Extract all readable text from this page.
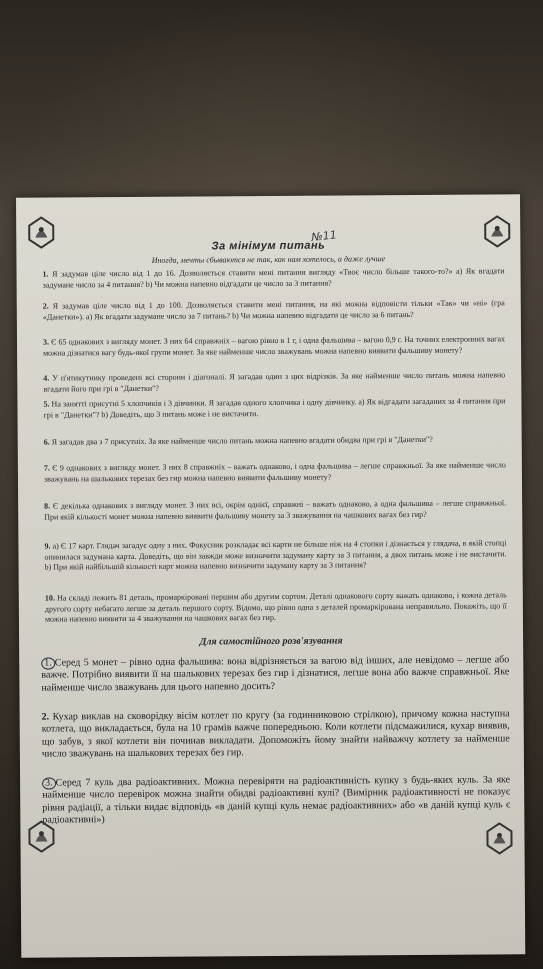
За мінімум питань
№11
Иногда, мечты сбываются не так, как нам хотелось, а даже лучше
1. Я задумав ціле число від 1 до 16. Дозволяється ставити мені питання вигляду «Твоє число більше такого-то?» а) Як вгадати задумане число за 4 питання? b) Чи можна напевно відгадати це число за 3 питання?
2. Я задумав ціле число від 1 до 100. Дозволяється ставити мені питання, на які можна відповісти тільки «Так» чи «ні» (гра «Данетки»). а) Як вгадати задумане число за 7 питань? b) Чи можна напевно відгадати це число за 6 питань?
3. Є 65 однакових з вигляду монет. З них 64 справжніх – вагою рівно в 1 г, і одна фальшива – вагою 0,9 г. На точних електронних вагах можна дізнатися вагу будь-якої групи монет. За яке найменше число зважувань можна напевно виявити фальшиву монету?
4. У п'ятикутнику проведені всі сторони і діагоналі. Я загадав один з цих відрізків. За яке найменше число питань можна напевно вгадати його при грі в "Данетки"?
5. На занятті присутні 5 хлопчиків і 3 дівчинки. Я загадав одного хлопчика і одну дівчинку. а) Як відгадати загаданих за 4 питання при грі в "Данетки"? b) Доведіть, що 3 питань може і не вистачити.
6. Я загадав два з 7 присутніх. За яке найменше число питань можна напевно вгадати обидва при грі в "Данетки"?
7. Є 9 однакових з вигляду монет. З них 8 справжніх – важать однаково, і одна фальшива – легше справжньої. За яке найменше число зважувань на шалькових терезах без гир можна напевно виявити фальшиву монету?
8. Є декілька однакових з вигляду монет. З них всі, окрім однієї, справжні – важать однаково, а одна фальшива – легше справжньої. При якій кількості монет можна напевно виявити фальшиву монету за 3 зважування на чашкових вагах без гир?
9. а) Є 17 карт. Глядач загадує одну з них. Фокусник розкладає всі карти не більше ніж на 4 стопки і дізнається у глядача, в якій стопці опинилася задумана карта. Доведіть, що він завжди може визначити задуману карту за 3 питання, а двох питань може і не вистачити. b) При якій найбільшій кількості карт можна напевно визначити задуману карту за 3 питання?
10. На складі лежить 81 деталь, промаркірованi першим або другим сортом. Деталі однакового сорту важать однаково, і кожна деталь другого сорту небагато легше за деталь першого сорту. Відомо, що рівно одна з деталей промаркірована неправильно. Покажіть, що її можна напевно виявити за 4 зважування на чашкових вагах без гир.
Для самостійного розв'язування
1. Серед 5 монет – рівно одна фальшива: вона відрізняється за вагою від інших, але невідомо – легше або важче. Потрібно виявити її на шалькових терезах без гир і дізнатися, легше вона або важче справжньої. Яке найменше число зважувань для цього напевно досить?
2. Кухар виклав на сковорідку вісім котлет по кругу (за годинниковою стрілкою), причому кожна наступна котлета, що викладається, була на 10 грамів важче попередньою. Коли котлети підсмажилися, кухар виявив, що забув, з якої котлети він починав викладати. Допоможіть йому знайти найважчу котлету за найменше число зважувань на шалькових терезах без гир.
3. Серед 7 куль два радіоактивних. Можна перевіряти на радіоактивність купку з будь-яких куль. За яке найменше число перевірок можна знайти обидві радіоактивні кулі? (Вимірник радіоактивності не показує рівня радіації, а тільки видає відповідь «в даній купці куль немає радіоактивних» або «в даній купці куль є радіоактивні»)
